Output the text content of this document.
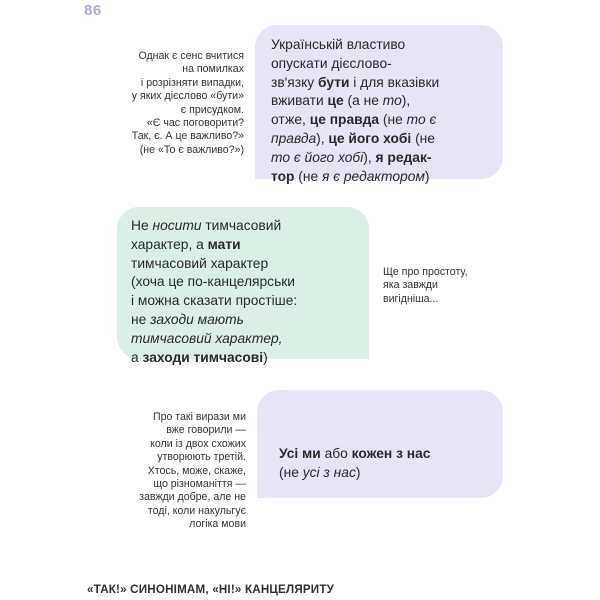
86
Однак є сенс вчитися
на помилках
і розрізняти випадки,
у яких дієслово «бути»
є присудком.
«Є час поговорити?
Так, є. А це важливо?»
(не «То є важливо?»)
Українській властиво
опускати дієслово-
зв'язку бути і для вказівки
вживати це (а не то),
отже, це правда (не то є
правда), це його хобі (не
то є його хобі), я редак-
тор (не я є редактором)
Не носити тимчасовий
характер, а мати
тимчасовий характер
(хоча це по-канцелярськи
і можна сказати простіше:
не заходи мають
тимчасовий характер,
а заходи тимчасові)
Ще про простоту,
яка завжди
вигідніша...
Про такі вирази ми
вже говорили —
коли із двох схожих
утворюють третій.
Хтось, може, скаже,
що різноманіття —
завжди добре, але не
тоді, коли накульгує
логіка мови
Усі ми або кожен з нас
(не усі з нас)
«ТАК!» СИНОНІМАМ, «НІ!» КАНЦЕЛЯРИТУ
